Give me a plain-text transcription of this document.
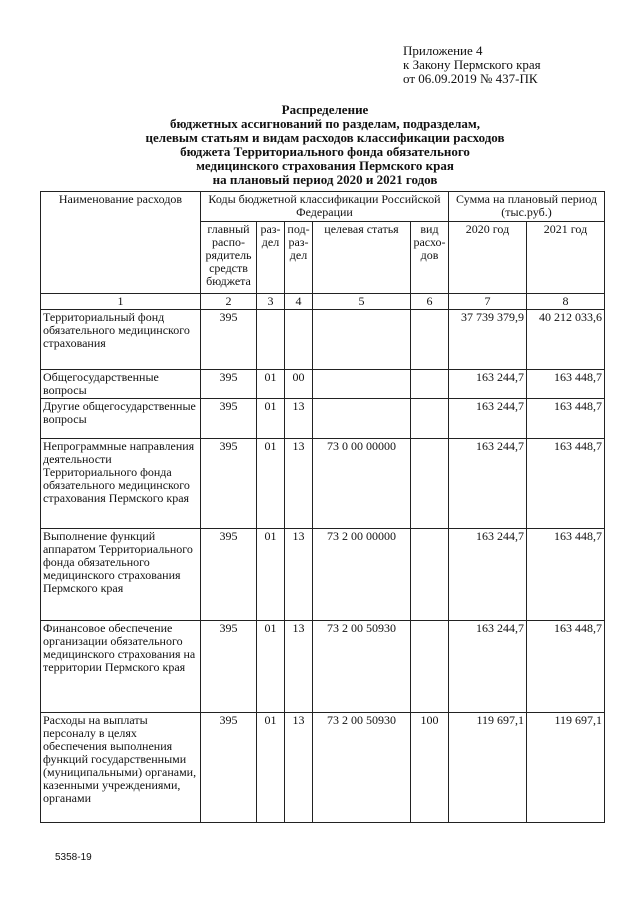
Приложение 4
к Закону Пермского края
от 06.09.2019 № 437-ПК
Распределение
бюджетных ассигнований по разделам, подразделам,
целевым статьям и видам расходов классификации расходов
бюджета Территориального фонда обязательного
медицинского страхования Пермского края
на плановый период 2020 и 2021 годов
Наименование расходов	Коды бюджетной классификации Российской Федерации					Сумма на плановый период (тыс.руб.)	
	главный распо-рядитель средств бюджета	раз-дел	под-раз-дел	целевая статья	вид расхо-дов	2020 год	2021 год
1	2	3	4	5	6	7	8
Территориальный фонд обязательного медицинского страхования	395					37 739 379,9	40 212 033,6
Общегосударственные вопросы	395	01	00			163 244,7	163 448,7
Другие общегосударственные вопросы	395	01	13			163 244,7	163 448,7
Непрограммные направления деятельности Территориального фонда обязательного медицинского страхования Пермского края	395	01	13	73 0 00 00000		163 244,7	163 448,7
Выполнение функций аппаратом Территориального фонда обязательного медицинского страхования Пермского края	395	01	13	73 2 00 00000		163 244,7	163 448,7
Финансовое обеспечение организации обязательного медицинского страхования на территории Пермского края	395	01	13	73 2 00 50930		163 244,7	163 448,7
Расходы на выплаты персоналу в целях обеспечения выполнения функций государственными (муниципальными) органами, казенными учреждениями, органами	395	01	13	73 2 00 50930	100	119 697,1	119 697,1
5358-19
